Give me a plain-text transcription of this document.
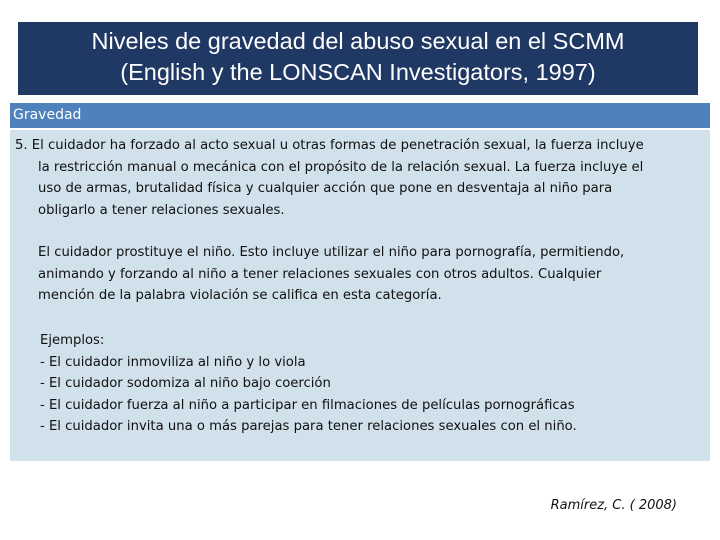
Niveles de gravedad del abuso sexual en el SCMM
(English y the LONSCAN Investigators, 1997)
Gravedad
5. El cuidador ha forzado al acto sexual u otras formas de penetración sexual, la fuerza incluye
la restricción manual o mecánica con el propósito de la relación sexual. La fuerza incluye el
uso de armas, brutalidad física y cualquier acción que pone en desventaja al niño para
obligarlo a tener relaciones sexuales.
El cuidador prostituye el niño. Esto incluye utilizar el niño para pornografía, permitiendo,
animando y forzando al niño a tener relaciones sexuales con otros adultos. Cualquier
mención de la palabra violación se califica en esta categoría.
Ejemplos:
- El cuidador inmoviliza al niño y lo viola
- El cuidador sodomiza al niño bajo coerción
- El cuidador fuerza al niño a participar en filmaciones de películas pornográficas
- El cuidador invita una o más parejas para tener relaciones sexuales con el niño.
Ramírez, C. ( 2008)
